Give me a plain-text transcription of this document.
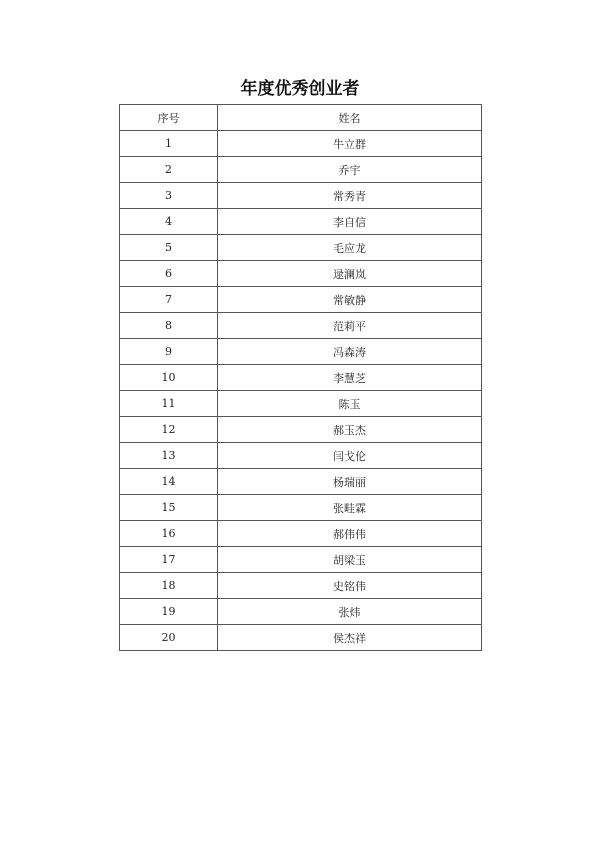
年度优秀创业者
序号	姓名
1	牛立群
2	乔宇
3	常秀青
4	李自信
5	毛应龙
6	逯澜岚
7	常敏静
8	范莉平
9	冯森涛
10	李慧芝
11	陈玉
12	郝玉杰
13	闫戈伦
14	杨瑞丽
15	张畦霖
16	郝伟伟
17	胡梁玉
18	史铭伟
19	张炜
20	侯杰祥
